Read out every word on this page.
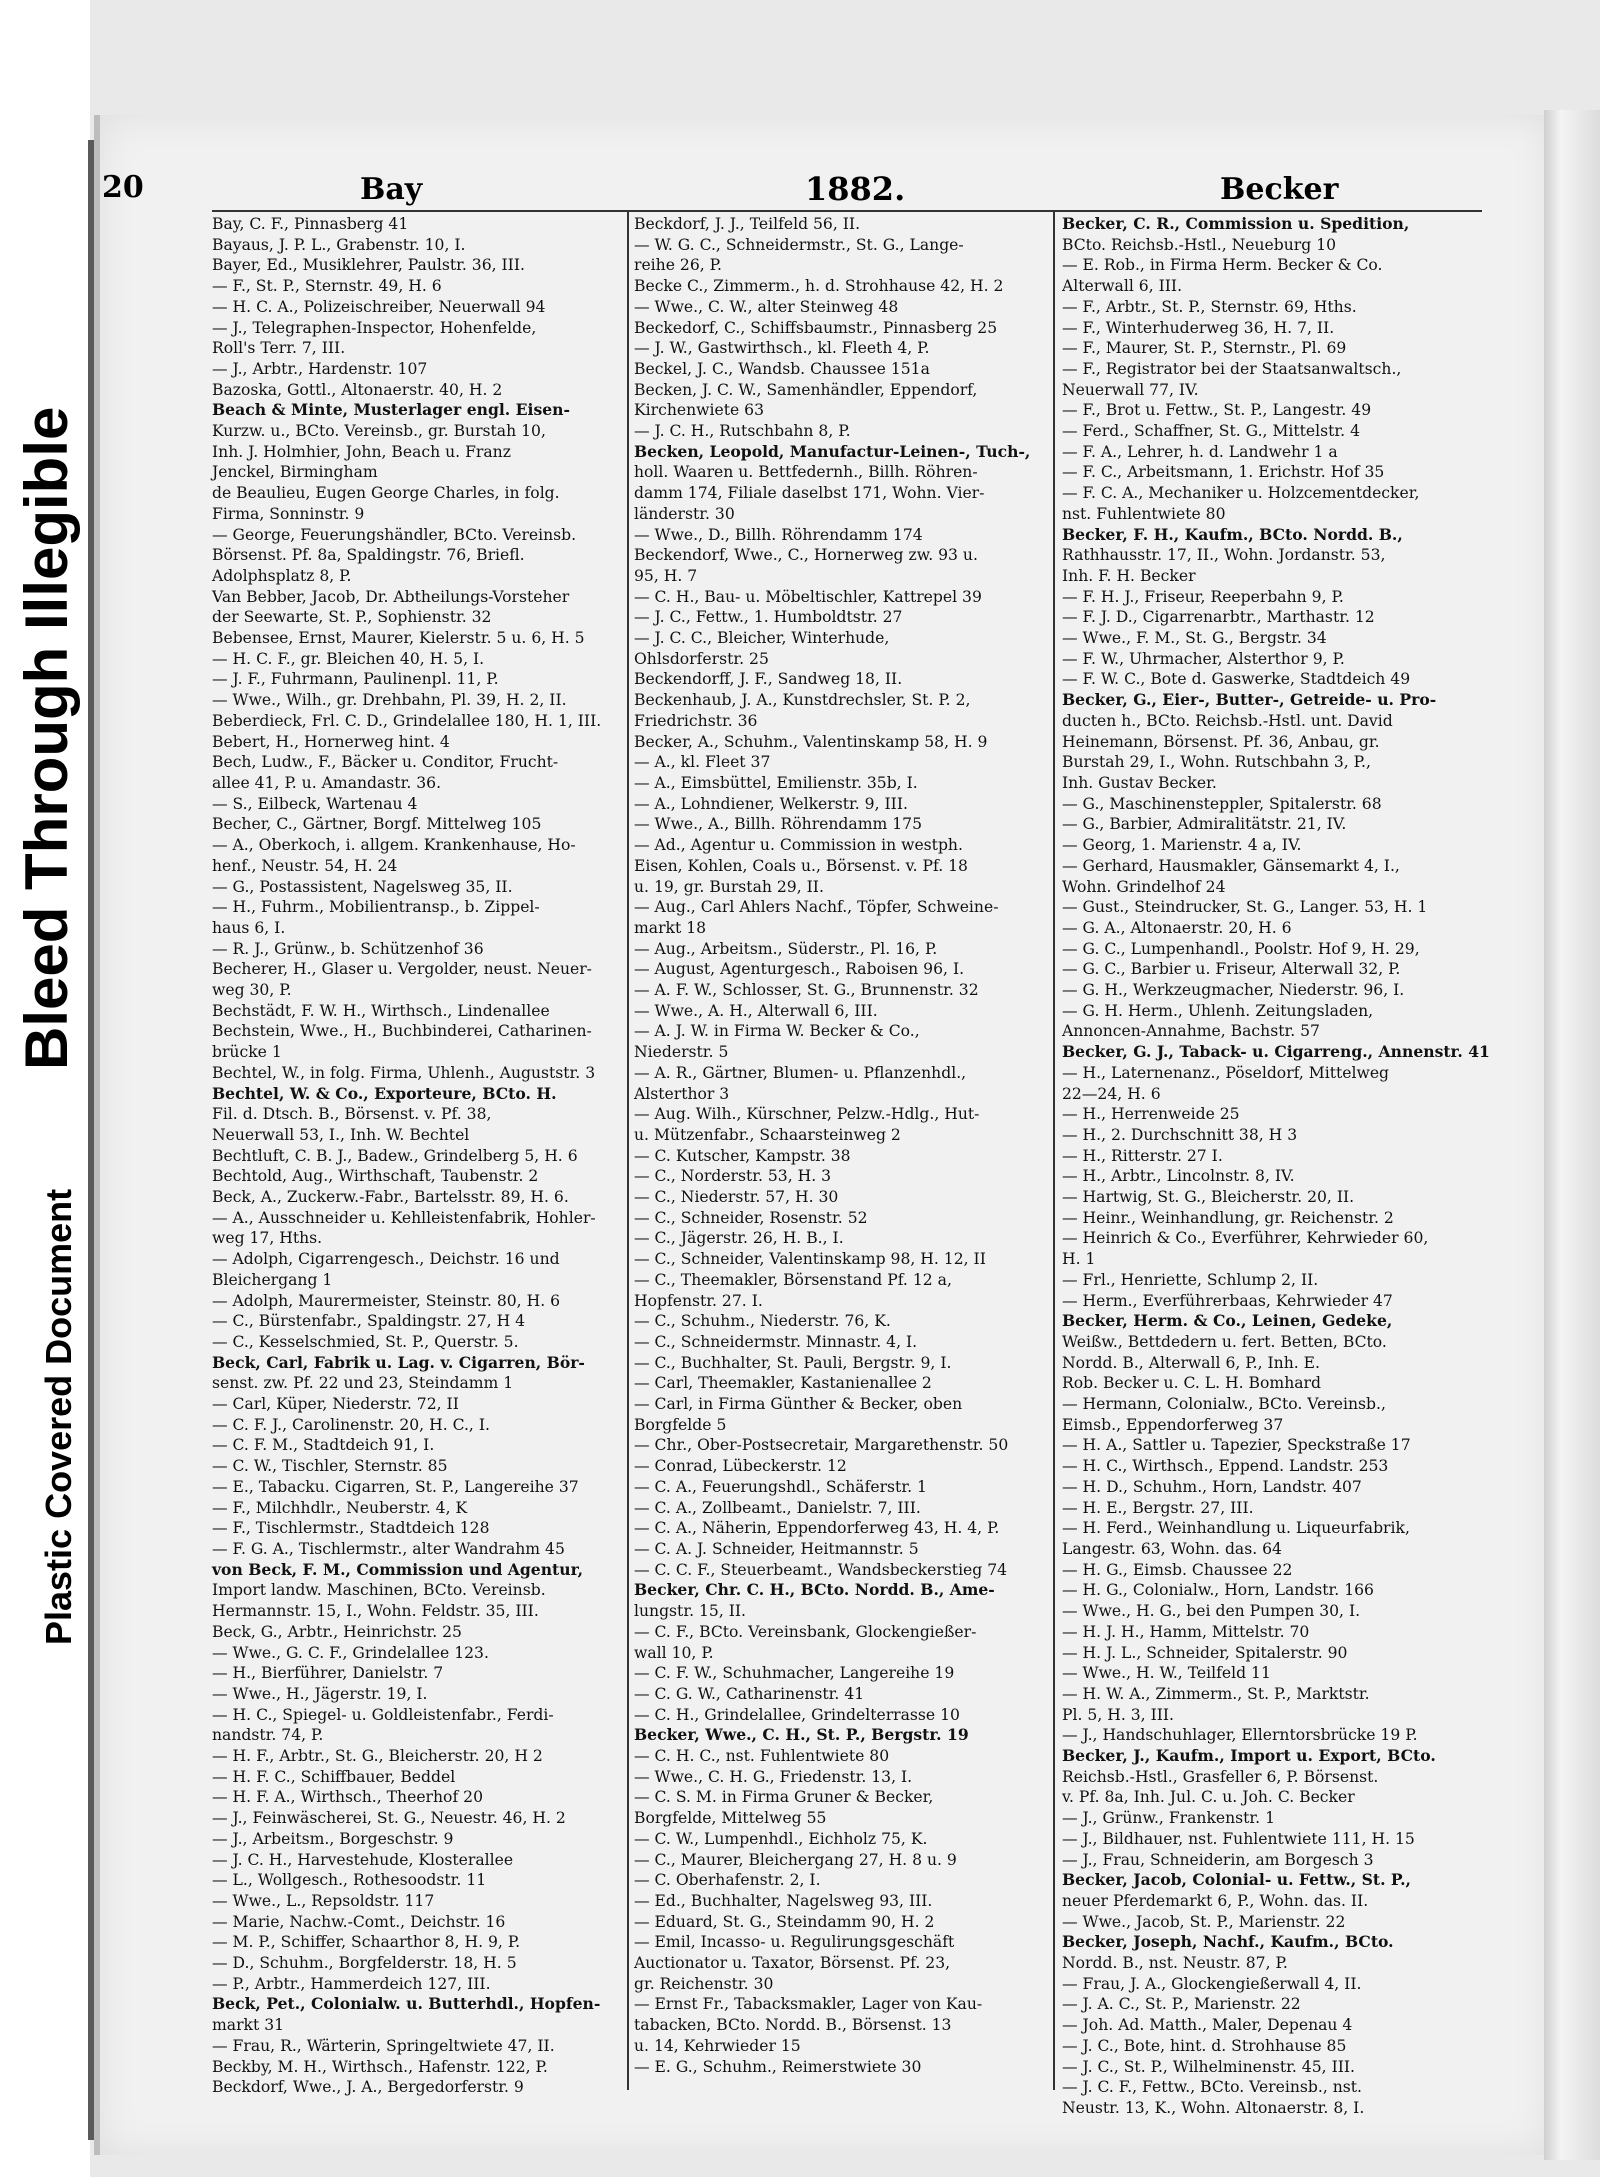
Bleed Through Illegible
Plastic Covered Document
20	Bay	1882.	Becker
Bay, C. F., Pinnasberg 41
Bayaus, J. P. L., Grabenstr. 10, I.
Bayer, Ed., Musiklehrer, Paulstr. 36, III.
— F., St. P., Sternstr. 49, H. 6
— H. C. A., Polizeischreiber, Neuerwall 94
— J., Telegraphen-Inspector, Hohenfelde,
Roll's Terr. 7, III.
— J., Arbtr., Hardenstr. 107
Bazoska, Gottl., Altonaerstr. 40, H. 2
Beach & Minte, Musterlager engl. Eisen-
Kurzw. u., BCto. Vereinsb., gr. Burstah 10,
Inh. J. Holmhier, John, Beach u. Franz
Jenckel, Birmingham
de Beaulieu, Eugen George Charles, in folg.
Firma, Sonninstr. 9
— George, Feuerungshändler, BCto. Vereinsb.
Börsenst. Pf. 8a, Spaldingstr. 76, Briefl.
Adolphsplatz 8, P.
Van Bebber, Jacob, Dr. Abtheilungs-Vorsteher
der Seewarte, St. P., Sophienstr. 32
Bebensee, Ernst, Maurer, Kielerstr. 5 u. 6, H. 5
— H. C. F., gr. Bleichen 40, H. 5, I.
— J. F., Fuhrmann, Paulinenpl. 11, P.
— Wwe., Wilh., gr. Drehbahn, Pl. 39, H. 2, II.
Beberdieck, Frl. C. D., Grindelallee 180, H. 1, III.
Bebert, H., Hornerweg hint. 4
Bech, Ludw., F., Bäcker u. Conditor, Frucht-
allee 41, P. u. Amandastr. 36.
— S., Eilbeck, Wartenau 4
Becher, C., Gärtner, Borgf. Mittelweg 105
— A., Oberkoch, i. allgem. Krankenhause, Ho-
henf., Neustr. 54, H. 24
— G., Postassistent, Nagelsweg 35, II.
— H., Fuhrm., Mobilientransp., b. Zippel-
haus 6, I.
— R. J., Grünw., b. Schützenhof 36
Becherer, H., Glaser u. Vergolder, neust. Neuer-
weg 30, P.
Bechstädt, F. W. H., Wirthsch., Lindenallee
Bechstein, Wwe., H., Buchbinderei, Catharinen-
brücke 1
Bechtel, W., in folg. Firma, Uhlenh., Auguststr. 3
Bechtel, W. & Co., Exporteure, BCto. H.
Fil. d. Dtsch. B., Börsenst. v. Pf. 38,
Neuerwall 53, I., Inh. W. Bechtel
Bechtluft, C. B. J., Badew., Grindelberg 5, H. 6
Bechtold, Aug., Wirthschaft, Taubenstr. 2
Beck, A., Zuckerw.-Fabr., Bartelsstr. 89, H. 6.
— A., Ausschneider u. Kehlleistenfabrik, Hohler-
weg 17, Hths.
— Adolph, Cigarrengesch., Deichstr. 16 und
Bleichergang 1
— Adolph, Maurermeister, Steinstr. 80, H. 6
— C., Bürstenfabr., Spaldingstr. 27, H 4
— C., Kesselschmied, St. P., Querstr. 5.
Beck, Carl, Fabrik u. Lag. v. Cigarren, Bör-
senst. zw. Pf. 22 und 23, Steindamm 1
— Carl, Küper, Niederstr. 72, II
— C. F. J., Carolinenstr. 20, H. C., I.
— C. F. M., Stadtdeich 91, I.
— C. W., Tischler, Sternstr. 85
— E., Tabacku. Cigarren, St. P., Langereihe 37
— F., Milchhdlr., Neuberstr. 4, K
— F., Tischlermstr., Stadtdeich 128
— F. G. A., Tischlermstr., alter Wandrahm 45
von Beck, F. M., Commission und Agentur,
Import landw. Maschinen, BCto. Vereinsb.
Hermannstr. 15, I., Wohn. Feldstr. 35, III.
Beck, G., Arbtr., Heinrichstr. 25
— Wwe., G. C. F., Grindelallee 123.
— H., Bierführer, Danielstr. 7
— Wwe., H., Jägerstr. 19, I.
— H. C., Spiegel- u. Goldleistenfabr., Ferdi-
nandstr. 74, P.
— H. F., Arbtr., St. G., Bleicherstr. 20, H 2
— H. F. C., Schiffbauer, Beddel
— H. F. A., Wirthsch., Theerhof 20
— J., Feinwäscherei, St. G., Neuestr. 46, H. 2
— J., Arbeitsm., Borgeschstr. 9
— J. C. H., Harvestehude, Klosterallee
— L., Wollgesch., Rothesoodstr. 11
— Wwe., L., Repsoldstr. 117
— Marie, Nachw.-Comt., Deichstr. 16
— M. P., Schiffer, Schaarthor 8, H. 9, P.
— D., Schuhm., Borgfelderstr. 18, H. 5
— P., Arbtr., Hammerdeich 127, III.
Beck, Pet., Colonialw. u. Butterhdl., Hopfen-
markt 31
— Frau, R., Wärterin, Springeltwiete 47, II.
Beckby, M. H., Wirthsch., Hafenstr. 122, P.
Beckdorf, Wwe., J. A., Bergedorferstr. 9
Beckdorf, J. J., Teilfeld 56, II.
— W. G. C., Schneidermstr., St. G., Lange-
reihe 26, P.
Becke C., Zimmerm., h. d. Strohhause 42, H. 2
— Wwe., C. W., alter Steinweg 48
Beckedorf, C., Schiffsbaumstr., Pinnasberg 25
— J. W., Gastwirthsch., kl. Fleeth 4, P.
Beckel, J. C., Wandsb. Chaussee 151a
Becken, J. C. W., Samenhändler, Eppendorf,
Kirchenwiete 63
— J. C. H., Rutschbahn 8, P.
Becken, Leopold, Manufactur-Leinen-, Tuch-,
holl. Waaren u. Bettfedernh., Billh. Röhren-
damm 174, Filiale daselbst 171, Wohn. Vier-
länderstr. 30
— Wwe., D., Billh. Röhrendamm 174
Beckendorf, Wwe., C., Hornerweg zw. 93 u.
95, H. 7
— C. H., Bau- u. Möbeltischler, Kattrepel 39
— J. C., Fettw., 1. Humboldtstr. 27
— J. C. C., Bleicher, Winterhude,
Ohlsdorferstr. 25
Beckendorff, J. F., Sandweg 18, II.
Beckenhaub, J. A., Kunstdrechsler, St. P. 2,
Friedrichstr. 36
Becker, A., Schuhm., Valentinskamp 58, H. 9
— A., kl. Fleet 37
— A., Eimsbüttel, Emilienstr. 35b, I.
— A., Lohndiener, Welkerstr. 9, III.
— Wwe., A., Billh. Röhrendamm 175
— Ad., Agentur u. Commission in westph.
Eisen, Kohlen, Coals u., Börsenst. v. Pf. 18
u. 19, gr. Burstah 29, II.
— Aug., Carl Ahlers Nachf., Töpfer, Schweine-
markt 18
— Aug., Arbeitsm., Süderstr., Pl. 16, P.
— August, Agenturgesch., Raboisen 96, I.
— A. F. W., Schlosser, St. G., Brunnenstr. 32
— Wwe., A. H., Alterwall 6, III.
— A. J. W. in Firma W. Becker & Co.,
Niederstr. 5
— A. R., Gärtner, Blumen- u. Pflanzenhdl.,
Alsterthor 3
— Aug. Wilh., Kürschner, Pelzw.-Hdlg., Hut-
u. Mützenfabr., Schaarsteinweg 2
— C. Kutscher, Kampstr. 38
— C., Norderstr. 53, H. 3
— C., Niederstr. 57, H. 30
— C., Schneider, Rosenstr. 52
— C., Jägerstr. 26, H. B., I.
— C., Schneider, Valentinskamp 98, H. 12, II
— C., Theemakler, Börsenstand Pf. 12 a,
Hopfenstr. 27. I.
— C., Schuhm., Niederstr. 76, K.
— C., Schneidermstr. Minnastr. 4, I.
— C., Buchhalter, St. Pauli, Bergstr. 9, I.
— Carl, Theemakler, Kastanienallee 2
— Carl, in Firma Günther & Becker, oben
Borgfelde 5
— Chr., Ober-Postsecretair, Margarethenstr. 50
— Conrad, Lübeckerstr. 12
— C. A., Feuerungshdl., Schäferstr. 1
— C. A., Zollbeamt., Danielstr. 7, III.
— C. A., Näherin, Eppendorferweg 43, H. 4, P.
— C. A. J. Schneider, Heitmannstr. 5
— C. C. F., Steuerbeamt., Wandsbeckerstieg 74
Becker, Chr. C. H., BCto. Nordd. B., Ame-
lungstr. 15, II.
— C. F., BCto. Vereinsbank, Glockengießer-
wall 10, P.
— C. F. W., Schuhmacher, Langereihe 19
— C. G. W., Catharinenstr. 41
— C. H., Grindelallee, Grindelterrasse 10
Becker, Wwe., C. H., St. P., Bergstr. 19
— C. H. C., nst. Fuhlentwiete 80
— Wwe., C. H. G., Friedenstr. 13, I.
— C. S. M. in Firma Gruner & Becker,
Borgfelde, Mittelweg 55
— C. W., Lumpenhdl., Eichholz 75, K.
— C., Maurer, Bleichergang 27, H. 8 u. 9
— C. Oberhafenstr. 2, I.
— Ed., Buchhalter, Nagelsweg 93, III.
— Eduard, St. G., Steindamm 90, H. 2
— Emil, Incasso- u. Regulirungsgeschäft
Auctionator u. Taxator, Börsenst. Pf. 23,
gr. Reichenstr. 30
— Ernst Fr., Tabacksmakler, Lager von Kau-
tabacken, BCto. Nordd. B., Börsenst. 13
u. 14, Kehrwieder 15
— E. G., Schuhm., Reimerstwiete 30
Becker, C. R., Commission u. Spedition,
BCto. Reichsb.-Hstl., Neueburg 10
— E. Rob., in Firma Herm. Becker & Co.
Alterwall 6, III.
— F., Arbtr., St. P., Sternstr. 69, Hths.
— F., Winterhuderweg 36, H. 7, II.
— F., Maurer, St. P., Sternstr., Pl. 69
— F., Registrator bei der Staatsanwaltsch.,
Neuerwall 77, IV.
— F., Brot u. Fettw., St. P., Langestr. 49
— Ferd., Schaffner, St. G., Mittelstr. 4
— F. A., Lehrer, h. d. Landwehr 1 a
— F. C., Arbeitsmann, 1. Erichstr. Hof 35
— F. C. A., Mechaniker u. Holzcementdecker,
nst. Fuhlentwiete 80
Becker, F. H., Kaufm., BCto. Nordd. B.,
Rathhausstr. 17, II., Wohn. Jordanstr. 53,
Inh. F. H. Becker
— F. H. J., Friseur, Reeperbahn 9, P.
— F. J. D., Cigarrenarbtr., Marthastr. 12
— Wwe., F. M., St. G., Bergstr. 34
— F. W., Uhrmacher, Alsterthor 9, P.
— F. W. C., Bote d. Gaswerke, Stadtdeich 49
Becker, G., Eier-, Butter-, Getreide- u. Pro-
ducten h., BCto. Reichsb.-Hstl. unt. David
Heinemann, Börsenst. Pf. 36, Anbau, gr.
Burstah 29, I., Wohn. Rutschbahn 3, P.,
Inh. Gustav Becker.
— G., Maschinensteppler, Spitalerstr. 68
— G., Barbier, Admiralitätstr. 21, IV.
— Georg, 1. Marienstr. 4 a, IV.
— Gerhard, Hausmakler, Gänsemarkt 4, I.,
Wohn. Grindelhof 24
— Gust., Steindrucker, St. G., Langer. 53, H. 1
— G. A., Altonaerstr. 20, H. 6
— G. C., Lumpenhandl., Poolstr. Hof 9, H. 29,
— G. C., Barbier u. Friseur, Alterwall 32, P.
— G. H., Werkzeugmacher, Niederstr. 96, I.
— G. H. Herm., Uhlenh. Zeitungsladen,
Annoncen-Annahme, Bachstr. 57
Becker, G. J., Taback- u. Cigarreng., Annenstr. 41
— H., Laternenanz., Pöseldorf, Mittelweg
22—24, H. 6
— H., Herrenweide 25
— H., 2. Durchschnitt 38, H 3
— H., Ritterstr. 27 I.
— H., Arbtr., Lincolnstr. 8, IV.
— Hartwig, St. G., Bleicherstr. 20, II.
— Heinr., Weinhandlung, gr. Reichenstr. 2
— Heinrich & Co., Everführer, Kehrwieder 60,
H. 1
— Frl., Henriette, Schlump 2, II.
— Herm., Everführerbaas, Kehrwieder 47
Becker, Herm. & Co., Leinen, Gedeke,
Weißw., Bettdedern u. fert. Betten, BCto.
Nordd. B., Alterwall 6, P., Inh. E.
Rob. Becker u. C. L. H. Bomhard
— Hermann, Colonialw., BCto. Vereinsb.,
Eimsb., Eppendorferweg 37
— H. A., Sattler u. Tapezier, Speckstraße 17
— H. C., Wirthsch., Eppend. Landstr. 253
— H. D., Schuhm., Horn, Landstr. 407
— H. E., Bergstr. 27, III.
— H. Ferd., Weinhandlung u. Liqueurfabrik,
Langestr. 63, Wohn. das. 64
— H. G., Eimsb. Chaussee 22
— H. G., Colonialw., Horn, Landstr. 166
— Wwe., H. G., bei den Pumpen 30, I.
— H. J. H., Hamm, Mittelstr. 70
— H. J. L., Schneider, Spitalerstr. 90
— Wwe., H. W., Teilfeld 11
— H. W. A., Zimmerm., St. P., Marktstr.
Pl. 5, H. 3, III.
— J., Handschuhlager, Ellerntorsbrücke 19 P.
Becker, J., Kaufm., Import u. Export, BCto.
Reichsb.-Hstl., Grasfeller 6, P. Börsenst.
v. Pf. 8a, Inh. Jul. C. u. Joh. C. Becker
— J., Grünw., Frankenstr. 1
— J., Bildhauer, nst. Fuhlentwiete 111, H. 15
— J., Frau, Schneiderin, am Borgesch 3
Becker, Jacob, Colonial- u. Fettw., St. P.,
neuer Pferdemarkt 6, P., Wohn. das. II.
— Wwe., Jacob, St. P., Marienstr. 22
Becker, Joseph, Nachf., Kaufm., BCto.
Nordd. B., nst. Neustr. 87, P.
— Frau, J. A., Glockengießerwall 4, II.
— J. A. C., St. P., Marienstr. 22
— Joh. Ad. Matth., Maler, Depenau 4
— J. C., Bote, hint. d. Strohhause 85
— J. C., St. P., Wilhelminenstr. 45, III.
— J. C. F., Fettw., BCto. Vereinsb., nst.
Neustr. 13, K., Wohn. Altonaerstr. 8, I.
